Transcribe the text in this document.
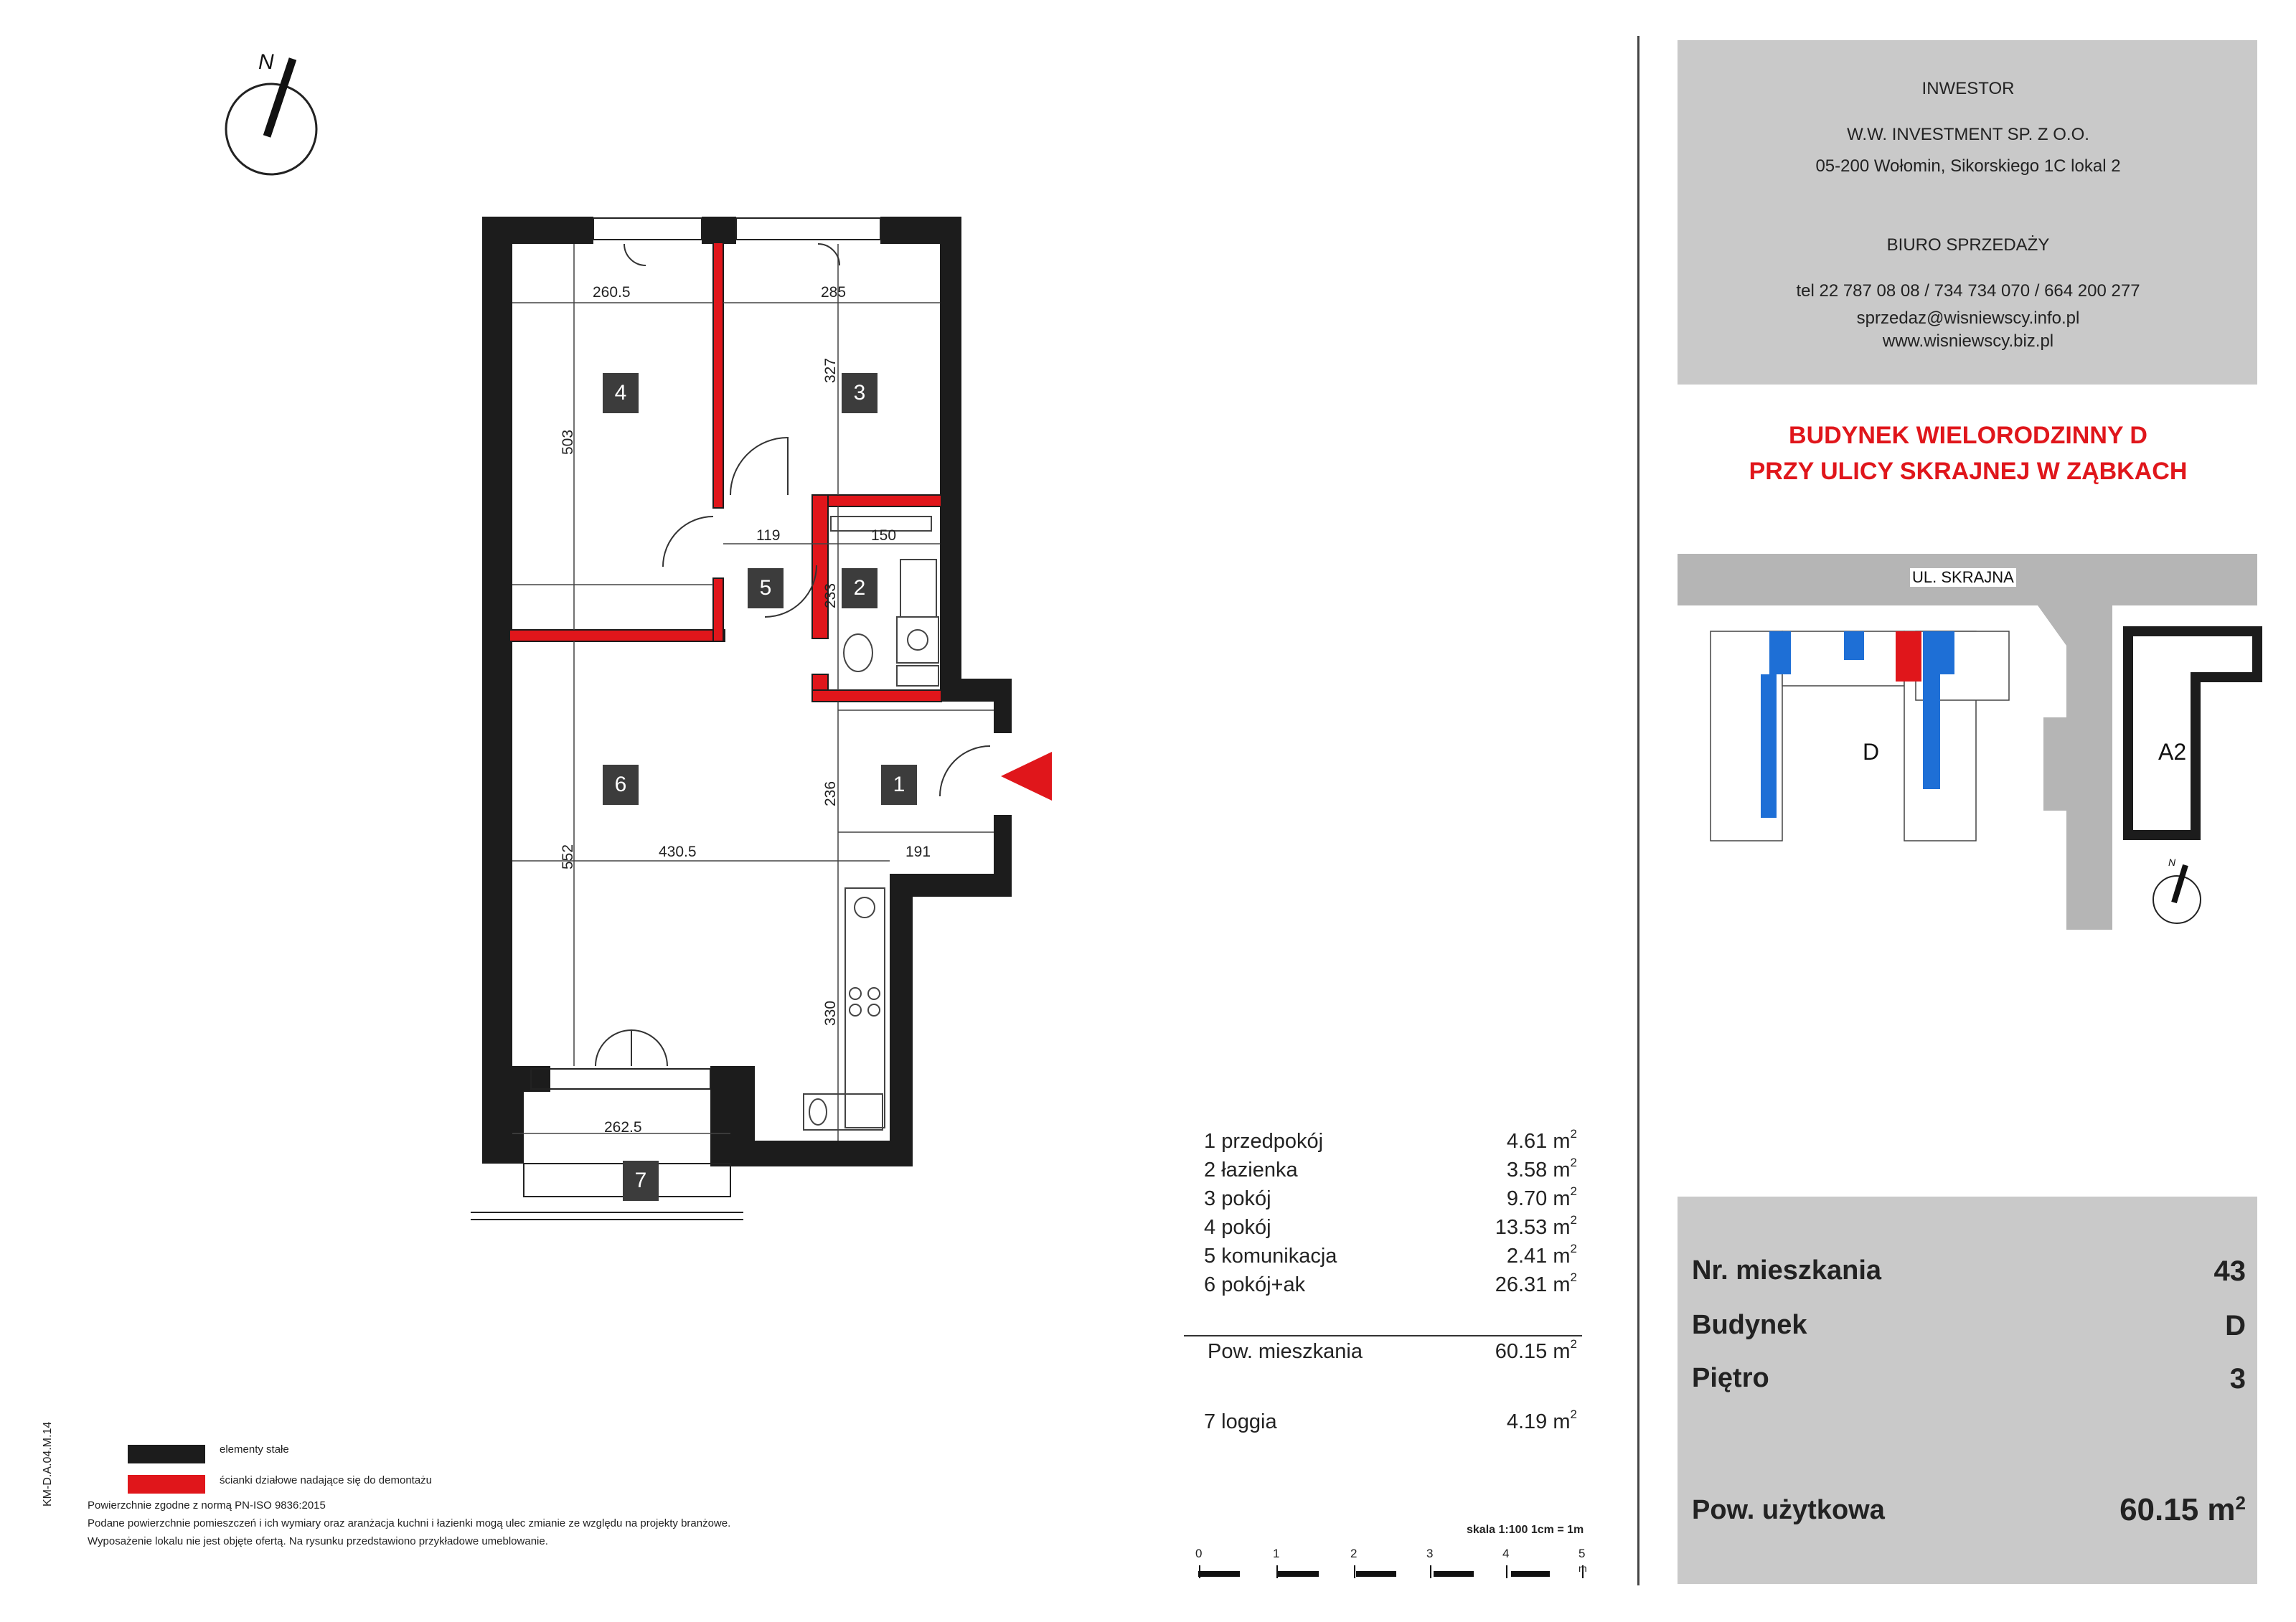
N
4	3
5	2
6	1
7
260.5	285
327
503
119	150
233
236
552	430.5	191
330
262.5
INWESTOR
W.W. INVESTMENT SP. Z O.O.
05-200 Wołomin, Sikorskiego 1C lokal 2
BIURO SPRZEDAŻY
tel 22 787 08 08 / 734 734 070 / 664 200 277
sprzedaz@wisniewscy.info.pl
www.wisniewscy.biz.pl
BUDYNEK WIELORODZINNY D
PRZY ULICY SKRAJNEJ W ZĄBKACH
UL. SKRAJNA
D	A2
N
1 przedpokój	4.61 $m^2$
2 łazienka	3.58 $m^2$
3 pokój	9.70 $m^2$
4 pokój	13.53 $m^2$
5 komunikacja	2.41 $m^2$
6 pokój+ak	26.31 $m^2$
Pow. mieszkania	60.15 $m^2$
7 loggia	4.19 $m^2$
Nr. mieszkania	43
Budynek	D
Piętro	3
Pow. użytkowa	60.15 $m^2$
elementy stałe
ścianki działowe nadające się do demontażu
Powierzchnie zgodne z normą PN-ISO 9836:2015
Podane powierzchnie pomieszczeń i ich wymiary oraz aranżacja kuchni i łazienki mogą ulec zmianie ze względu na projekty branżowe.
Wyposażenie lokalu nie jest objęte ofertą. Na rysunku przedstawiono przykładowe umeblowanie.
KM-D.A.04.M.14
skala 1:100 1cm = 1m
0	1	2	3	4	5
m
